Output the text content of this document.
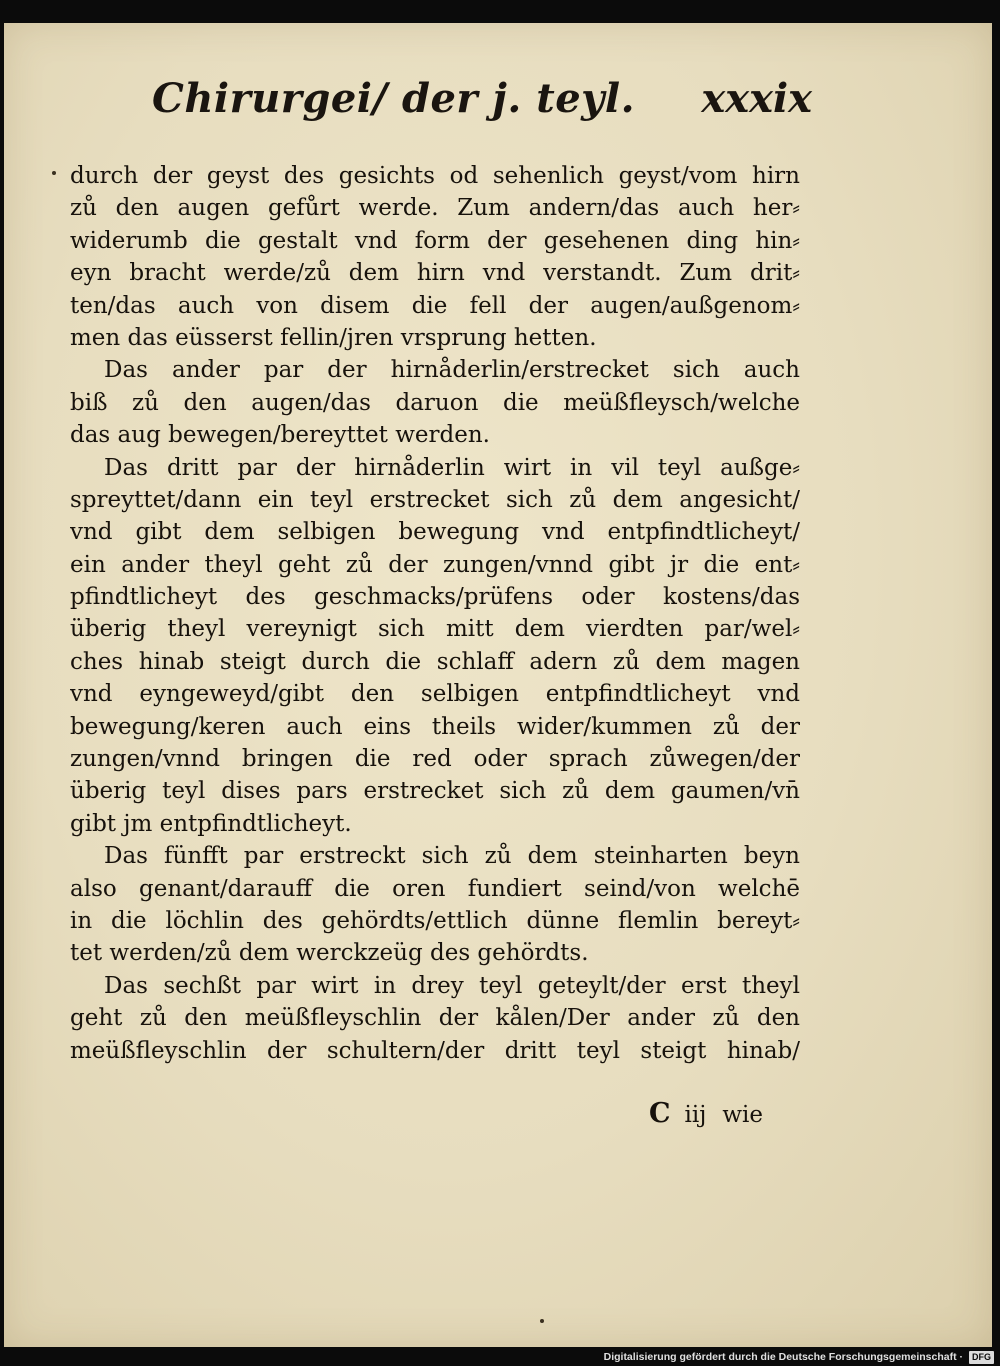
Chirurgei/ der j. teyl. xxxix
durch der geyst des gesichts od sehenlich geyst/vom hirn
zů den augen gefůrt werde. Zum andern/das auch her⸗
widerumb die gestalt vnd form der gesehenen ding hin⸗
eyn bracht werde/zů dem hirn vnd verstandt. Zum drit⸗
ten/das auch von disem die fell der augen/außgenom⸗
men das eüsserst fellin/jren vrsprung hetten.
Das ander par der hirnåderlin/erstrecket sich auch
biß zů den augen/das daruon die meüßfleysch/welche
das aug bewegen/bereyttet werden.
Das dritt par der hirnåderlin wirt in vil teyl außge⸗
spreyttet/dann ein teyl erstrecket sich zů dem angesicht/
vnd gibt dem selbigen bewegung vnd entpfindtlicheyt/
ein ander theyl geht zů der zungen/vnnd gibt jr die ent⸗
pfindtlicheyt des geschmacks/prüfens oder kostens/das
überig theyl vereynigt sich mitt dem vierdten par/wel⸗
ches hinab steigt durch die schlaff adern zů dem magen
vnd eyngeweyd/gibt den selbigen entpfindtlicheyt vnd
bewegung/keren auch eins theils wider/kummen zů der
zungen/vnnd bringen die red oder sprach zůwegen/der
überig teyl dises pars erstrecket sich zů dem gaumen/vn̄
gibt jm entpfindtlicheyt.
Das fünfft par erstreckt sich zů dem steinharten beyn
also genant/darauff die oren fundiert seind/von welchē
in die löchlin des gehördts/ettlich dünne flemlin bereyt⸗
tet werden/zů dem werckzeüg des gehördts.
Das sechßt par wirt in drey teyl geteylt/der erst theyl
geht zů den meüßfleyschlin der kålen/Der ander zů den
meüßfleyschlin der schultern/der dritt teyl steigt hinab/
C iij wie
Digitalisierung gefördert durch die Deutsche Forschungsgemeinschaft ·	DFG
